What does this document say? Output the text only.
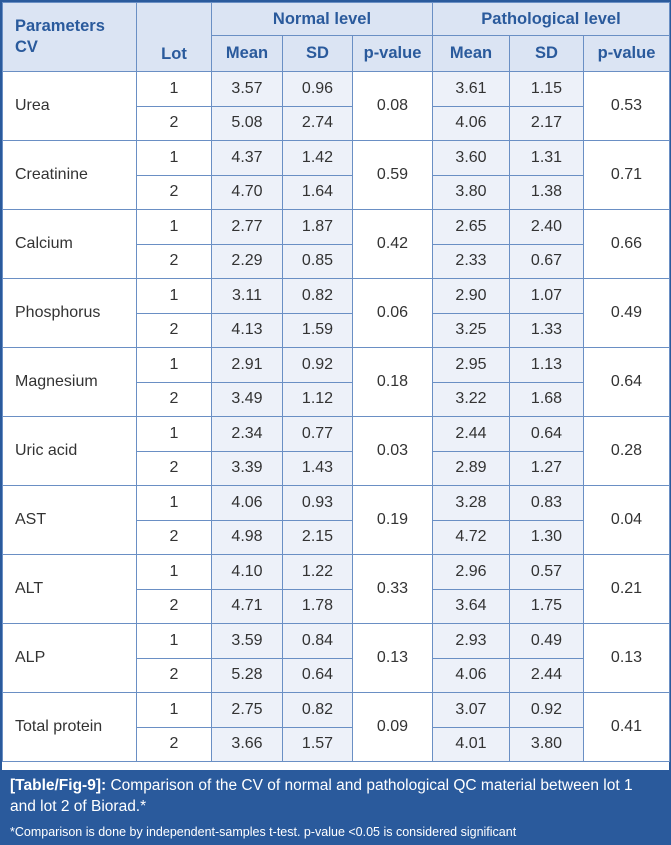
Parameters
CV	Lot	Normal level			Pathological level		
		Mean	SD	p-value	Mean	SD	p-value
Urea	1	3.57	0.96	0.08	3.61	1.15	0.53
	2	5.08	2.74		4.06	2.17	
Creatinine	1	4.37	1.42	0.59	3.60	1.31	0.71
	2	4.70	1.64		3.80	1.38	
Calcium	1	2.77	1.87	0.42	2.65	2.40	0.66
	2	2.29	0.85		2.33	0.67	
Phosphorus	1	3.11	0.82	0.06	2.90	1.07	0.49
	2	4.13	1.59		3.25	1.33	
Magnesium	1	2.91	0.92	0.18	2.95	1.13	0.64
	2	3.49	1.12		3.22	1.68	
Uric acid	1	2.34	0.77	0.03	2.44	0.64	0.28
	2	3.39	1.43		2.89	1.27	
AST	1	4.06	0.93	0.19	3.28	0.83	0.04
	2	4.98	2.15		4.72	1.30	
ALT	1	4.10	1.22	0.33	2.96	0.57	0.21
	2	4.71	1.78		3.64	1.75	
ALP	1	3.59	0.84	0.13	2.93	0.49	0.13
	2	5.28	0.64		4.06	2.44	
Total protein	1	2.75	0.82	0.09	3.07	0.92	0.41
	2	3.66	1.57		4.01	3.80	
[Table/Fig-9]: Comparison of the CV of normal and pathological QC material between lot 1 and lot 2 of Biorad.*
*Comparison is done by independent-samples t-test. p-value <0.05 is considered significant
